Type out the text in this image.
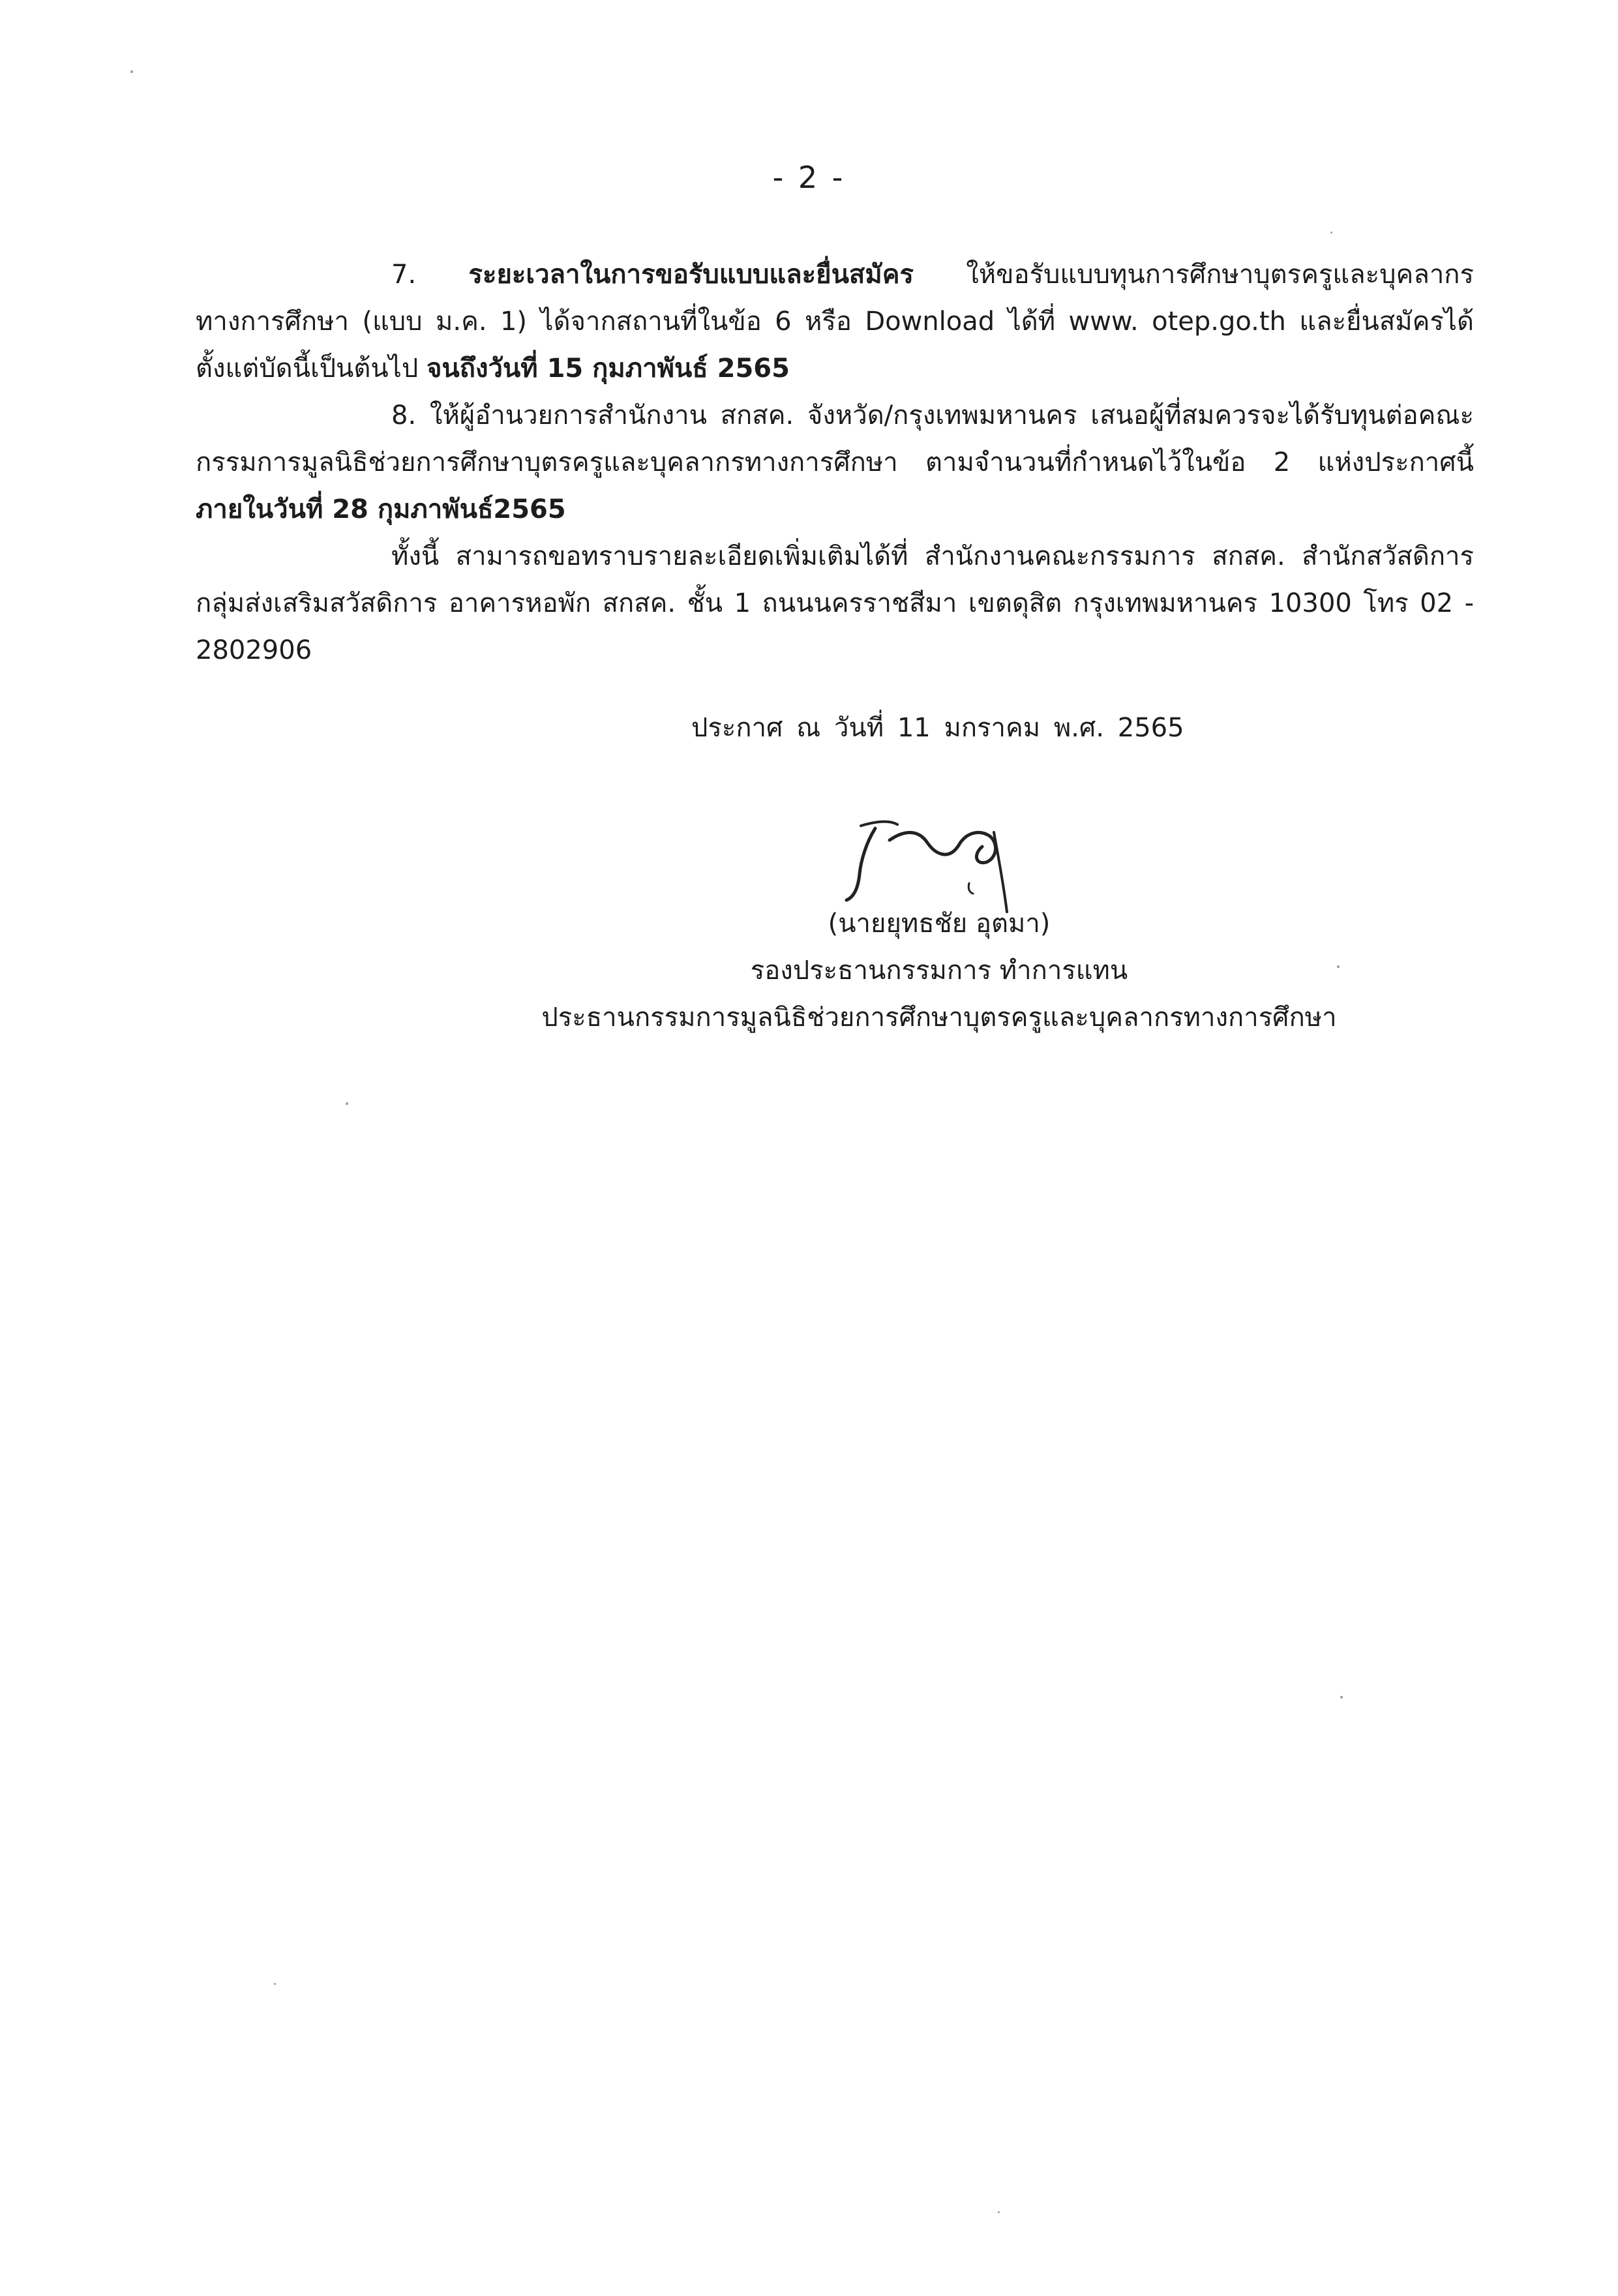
- 2 -

7. ระยะเวลาในการขอรับแบบและยื่นสมัคร ให้ขอรับแบบทุนการศึกษาบุตรครูและบุคลากรทางการศึกษา (แบบ ม.ค. 1) ได้จากสถานที่ในข้อ 6 หรือ Download ได้ที่ www. otep.go.th และยื่นสมัครได้ตั้งแต่บัดนี้เป็นต้นไป จนถึงวันที่ 15 กุมภาพันธ์ 2565

8. ให้ผู้อำนวยการสำนักงาน สกสค. จังหวัด/กรุงเทพมหานคร เสนอผู้ที่สมควรจะได้รับทุนต่อคณะกรรมการมูลนิธิช่วยการศึกษาบุตรครูและบุคลากรทางการศึกษา ตามจำนวนที่กำหนดไว้ในข้อ 2 แห่งประกาศนี้ ภายในวันที่ 28 กุมภาพันธ์2565

ทั้งนี้ สามารถขอทราบรายละเอียดเพิ่มเติมได้ที่ สำนักงานคณะกรรมการ สกสค. สำนักสวัสดิการ กลุ่มส่งเสริมสวัสดิการ อาคารหอพัก สกสค. ชั้น 1 ถนนนครราชสีมา เขตดุสิต กรุงเทพมหานคร 10300 โทร 02 - 2802906

ประกาศ ณ วันที่ 11 มกราคม พ.ศ. 2565
(นายยุทธชัย อุตมา)
รองประธานกรรมการ ทำการแทน
ประธานกรรมการมูลนิธิช่วยการศึกษาบุตรครูและบุคลากรทางการศึกษา
